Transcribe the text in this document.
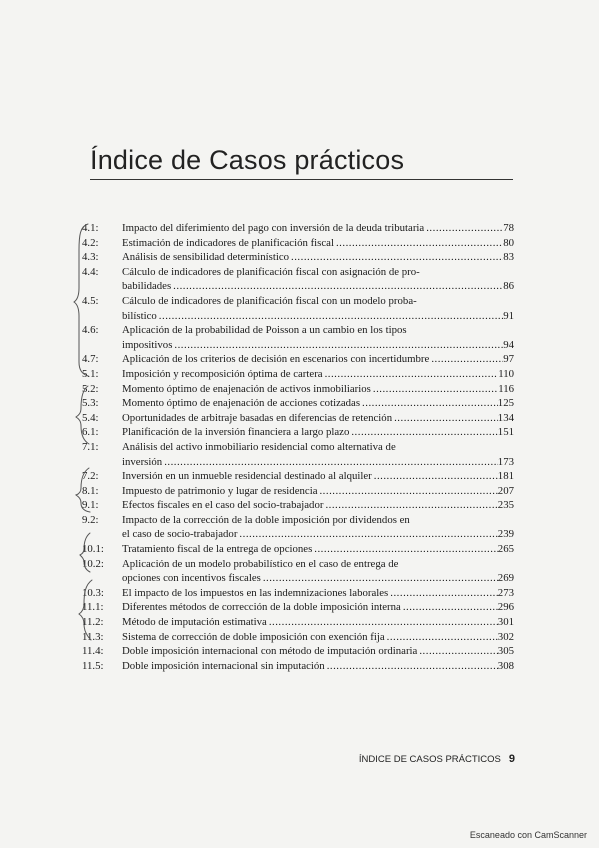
Índice de Casos prácticos
4.1:	Impacto del diferimiento del pago con inversión de la deuda tributaria .....	78
4.2:	Estimación de indicadores de planificación fiscal .....	80
4.3:	Análisis de sensibilidad determinístico .....	83
4.4:	Cálculo de indicadores de planificación fiscal con asignación de pro-
babilidades .....	86
4.5:	Cálculo de indicadores de planificación fiscal con un modelo proba-
bilístico .....	91
4.6:	Aplicación de la probabilidad de Poisson a un cambio en los tipos
impositivos .....	94
4.7:	Aplicación de los criterios de decisión en escenarios con incertidumbre .....	97
5.1:	Imposición y recomposición óptima de cartera .....	110
5.2:	Momento óptimo de enajenación de activos inmobiliarios .....	116
5.3:	Momento óptimo de enajenación de acciones cotizadas .....	125
5.4:	Oportunidades de arbitraje basadas en diferencias de retención .....	134
6.1:	Planificación de la inversión financiera a largo plazo .....	151
7.1:	Análisis del activo inmobiliario residencial como alternativa de
inversión .....	173
7.2:	Inversión en un inmueble residencial destinado al alquiler .....	181
8.1:	Impuesto de patrimonio y lugar de residencia .....	207
9.1:	Efectos fiscales en el caso del socio-trabajador .....	235
9.2:	Impacto de la corrección de la doble imposición por dividendos en
el caso de socio-trabajador .....	239
10.1:	Tratamiento fiscal de la entrega de opciones .....	265
10.2:	Aplicación de un modelo probabilístico en el caso de entrega de
opciones con incentivos fiscales .....	269
10.3:	El impacto de los impuestos en las indemnizaciones laborales .....	273
11.1:	Diferentes métodos de corrección de la doble imposición interna .....	296
11.2:	Método de imputación estimativa .....	301
11.3:	Sistema de corrección de doble imposición con exención fija .....	302
11.4:	Doble imposición internacional con método de imputación ordinaria .....	305
11.5:	Doble imposición internacional sin imputación .....	308
ÍNDICE DE CASOS PRÁCTICOS 9
Escaneado con CamScanner
